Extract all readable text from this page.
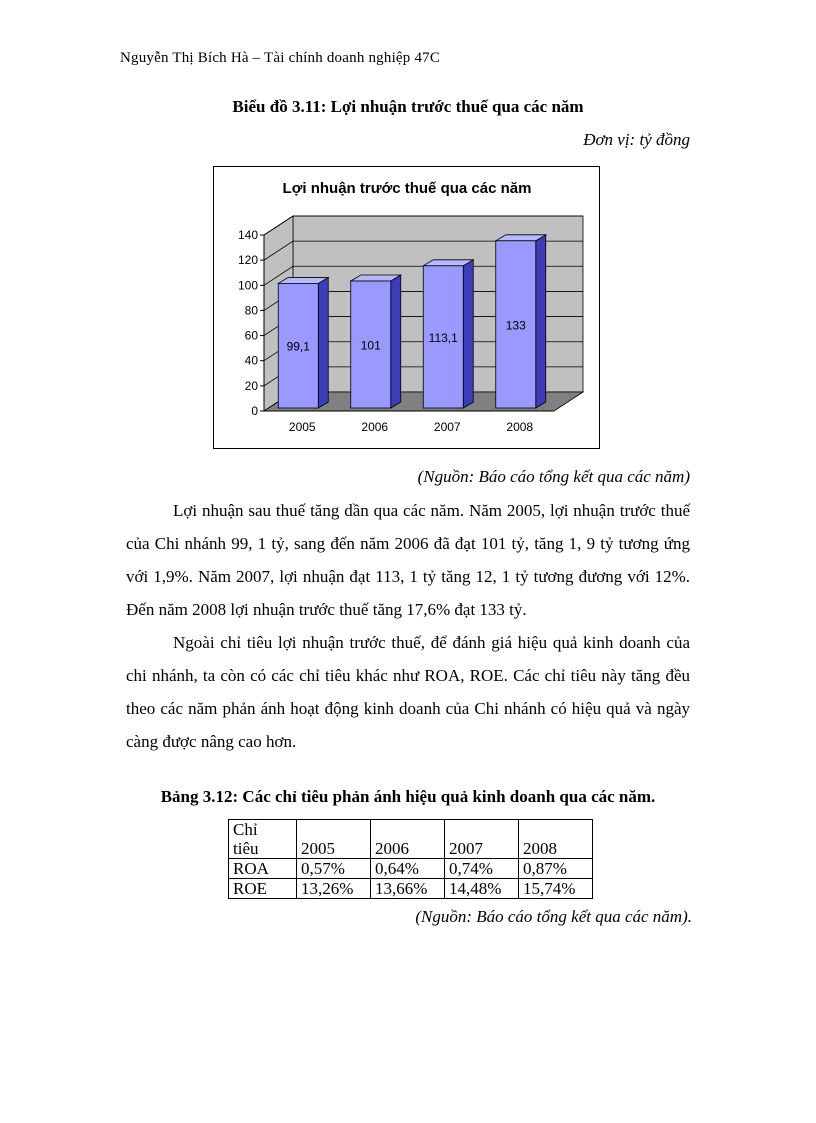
Nguyễn Thị Bích Hà – Tài chính doanh nghiệp 47C
Biểu đồ 3.11: Lợi nhuận trước thuế qua các năm
Đơn vị: tỷ đồng
Lợi nhuận trước thuế qua các năm
0
20
40
60
80
100
120
140
99,1
2005
101
2006
113,1
2007
133
2008
(Nguồn: Báo cáo tổng kết qua các năm)

Lợi nhuận sau thuế tăng dần qua các năm. Năm 2005, lợi nhuận trước thuế của Chi nhánh 99, 1 tỷ, sang đến năm 2006 đã đạt 101 tỷ, tăng 1, 9 tỷ tương ứng với 1,9%. Năm 2007, lợi nhuận đạt 113, 1 tỷ tăng 12, 1 tỷ tương đương với 12%. Đến năm 2008 lợi nhuận trước thuế tăng 17,6% đạt 133 tỷ.

Ngoài chỉ tiêu lợi nhuận trước thuế, để đánh giá hiệu quả kinh doanh của chi nhánh, ta còn có các chỉ tiêu khác như ROA, ROE. Các chỉ tiêu này tăng đều theo các năm phản ánh hoạt động kinh doanh của Chi nhánh có hiệu quả và ngày càng được nâng cao hơn.

Bảng 3.12: Các chỉ tiêu phản ánh hiệu quả kinh doanh qua các năm.
Chỉ
tiêu	2005	2006	2007	2008
ROA	0,57%	0,64%	0,74%	0,87%
ROE	13,26%	13,66%	14,48%	15,74%
(Nguồn: Báo cáo tổng kết qua các năm).
